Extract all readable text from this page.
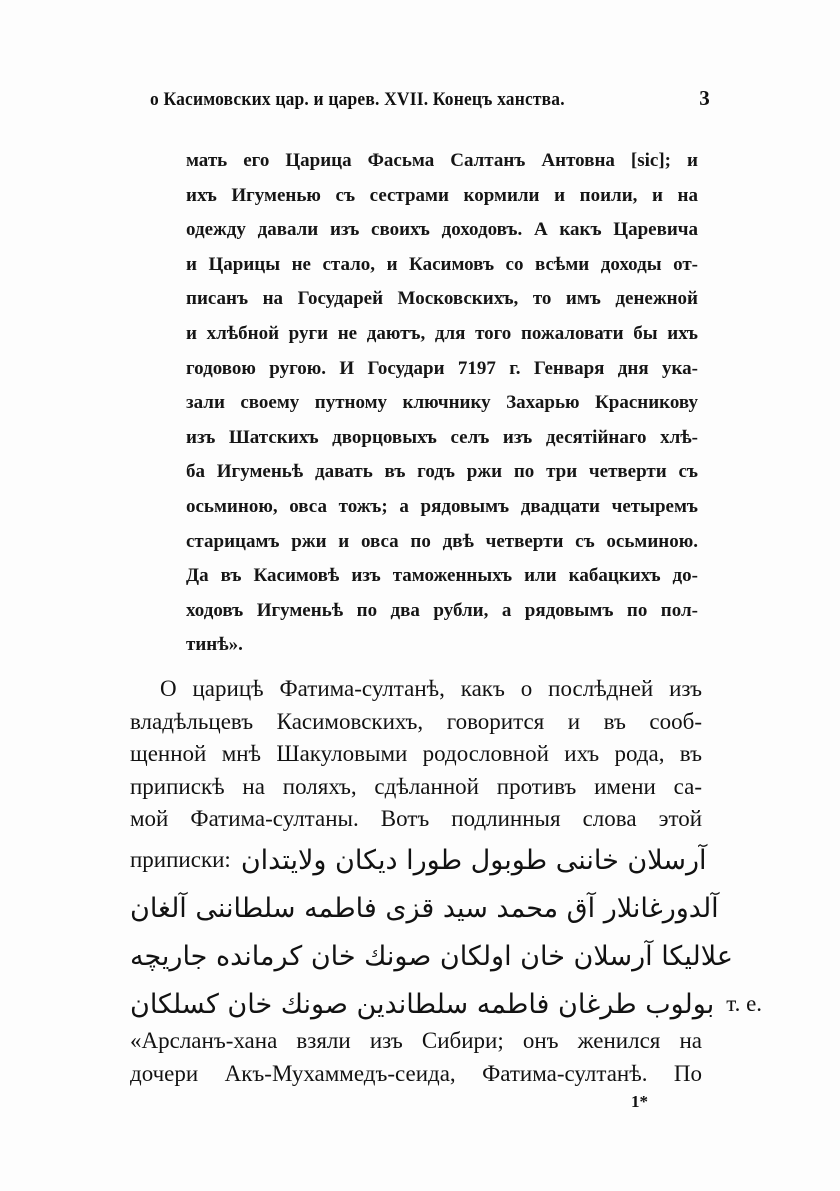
о Касимовских цар. и царев. XVII. Конецъ ханства.	3
мать его Царица Фасьма Салтанъ Антовна [sic]; и
ихъ Игуменью съ сестрами кормили и поили, и на
одежду давали изъ своихъ доходовъ. А какъ Царевича
и Царицы не стало, и Касимовъ со всѣми доходы от-
писанъ на Государей Московскихъ, то имъ денежной
и хлѣбной руги не даютъ, для того пожаловати бы ихъ
годовою ругою. И Государи 7197 г. Генваря дня ука-
зали своему путному ключнику Захарью Красникову
изъ Шатскихъ дворцовыхъ селъ изъ десятiйнаго хлѣ-
ба Игуменьѣ давать въ годъ ржи по три четверти съ
осьминою, овса тожъ; а рядовымъ двадцати четыремъ
старицамъ ржи и овса по двѣ четверти съ осьминою.
Да въ Касимовѣ изъ таможенныхъ или кабацкихъ до-
ходовъ Игуменьѣ по два рубли, а рядовымъ по пол-
тинѣ».
О царицѣ Фатима-султанѣ, какъ о послѣдней изъ
владѣльцевъ Касимовскихъ, говорится и въ сооб-
щенной мнѣ Шакуловыми родословной ихъ рода, въ
припискѣ на поляхъ, сдѣланной противъ имени са-
мой Фатима-султаны. Вотъ подлинныя слова этой
приписки: آرسلان خاننی طوبول طورا دیکان ولایتدان
آلدورغانلار آق محمد سید قزی فاطمه سلطاننی آلغان
علالیکا آرسلان خان اولکان صونك خان کرمانده جاریچه
بولوب طرغان فاطمه سلطاندین صونك خان کسلکان т. е.
«Арсланъ-хана взяли изъ Сибири; онъ женился на
дочери Акъ-Мухаммедъ-сеида, Фатима-султанѣ. По
1*
